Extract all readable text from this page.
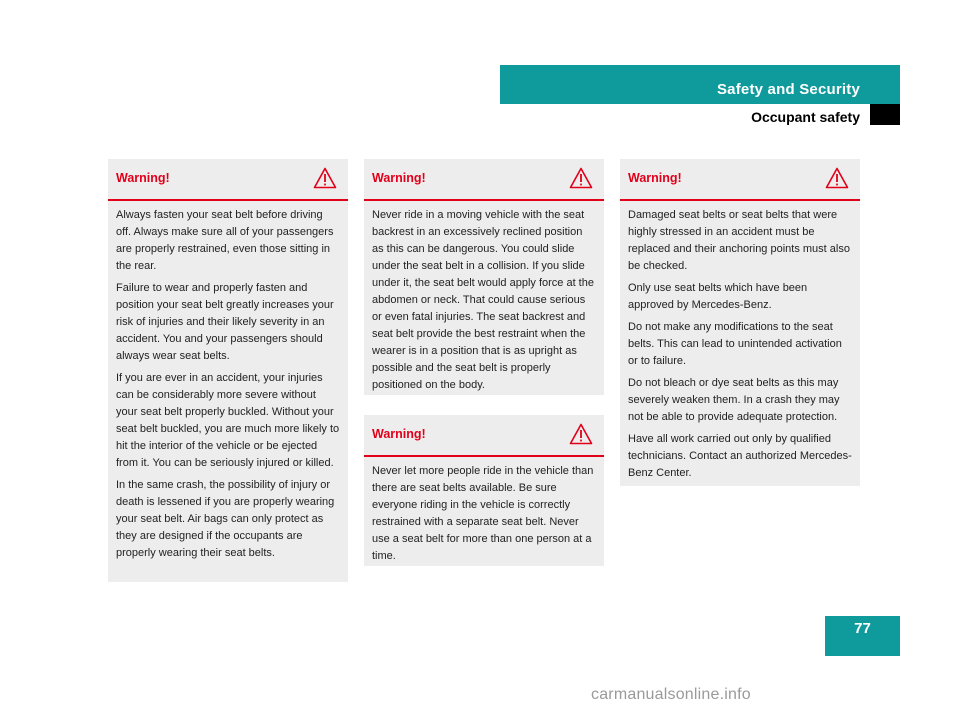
Safety and Security
Occupant safety
Warning!

Always fasten your seat belt before driving off. Always make sure all of your passengers are properly restrained, even those sitting in the rear.

Failure to wear and properly fasten and position your seat belt greatly increases your risk of injuries and their likely severity in an accident. You and your passengers should always wear seat belts.

If you are ever in an accident, your injuries can be considerably more severe without your seat belt properly buckled. Without your seat belt buckled, you are much more likely to hit the interior of the vehicle or be ejected from it. You can be seriously injured or killed.

In the same crash, the possibility of injury or death is lessened if you are properly wearing your seat belt. Air bags can only protect as they are designed if the occupants are properly wearing their seat belts.

Warning!

Never ride in a moving vehicle with the seat backrest in an excessively reclined position as this can be dangerous. You could slide under the seat belt in a collision. If you slide under it, the seat belt would apply force at the abdomen or neck. That could cause serious or even fatal injuries. The seat backrest and seat belt provide the best restraint when the wearer is in a position that is as upright as possible and the seat belt is properly positioned on the body.

Warning!

Never let more people ride in the vehicle than there are seat belts available. Be sure everyone riding in the vehicle is correctly restrained with a separate seat belt. Never use a seat belt for more than one person at a time.

Warning!

Damaged seat belts or seat belts that were highly stressed in an accident must be replaced and their anchoring points must also be checked.

Only use seat belts which have been approved by Mercedes-Benz.

Do not make any modifications to the seat belts. This can lead to unintended activation or to failure.

Do not bleach or dye seat belts as this may severely weaken them. In a crash they may not be able to provide adequate protection.

Have all work carried out only by qualified technicians. Contact an authorized Mercedes-Benz Center.

77
carmanualsonline.info
